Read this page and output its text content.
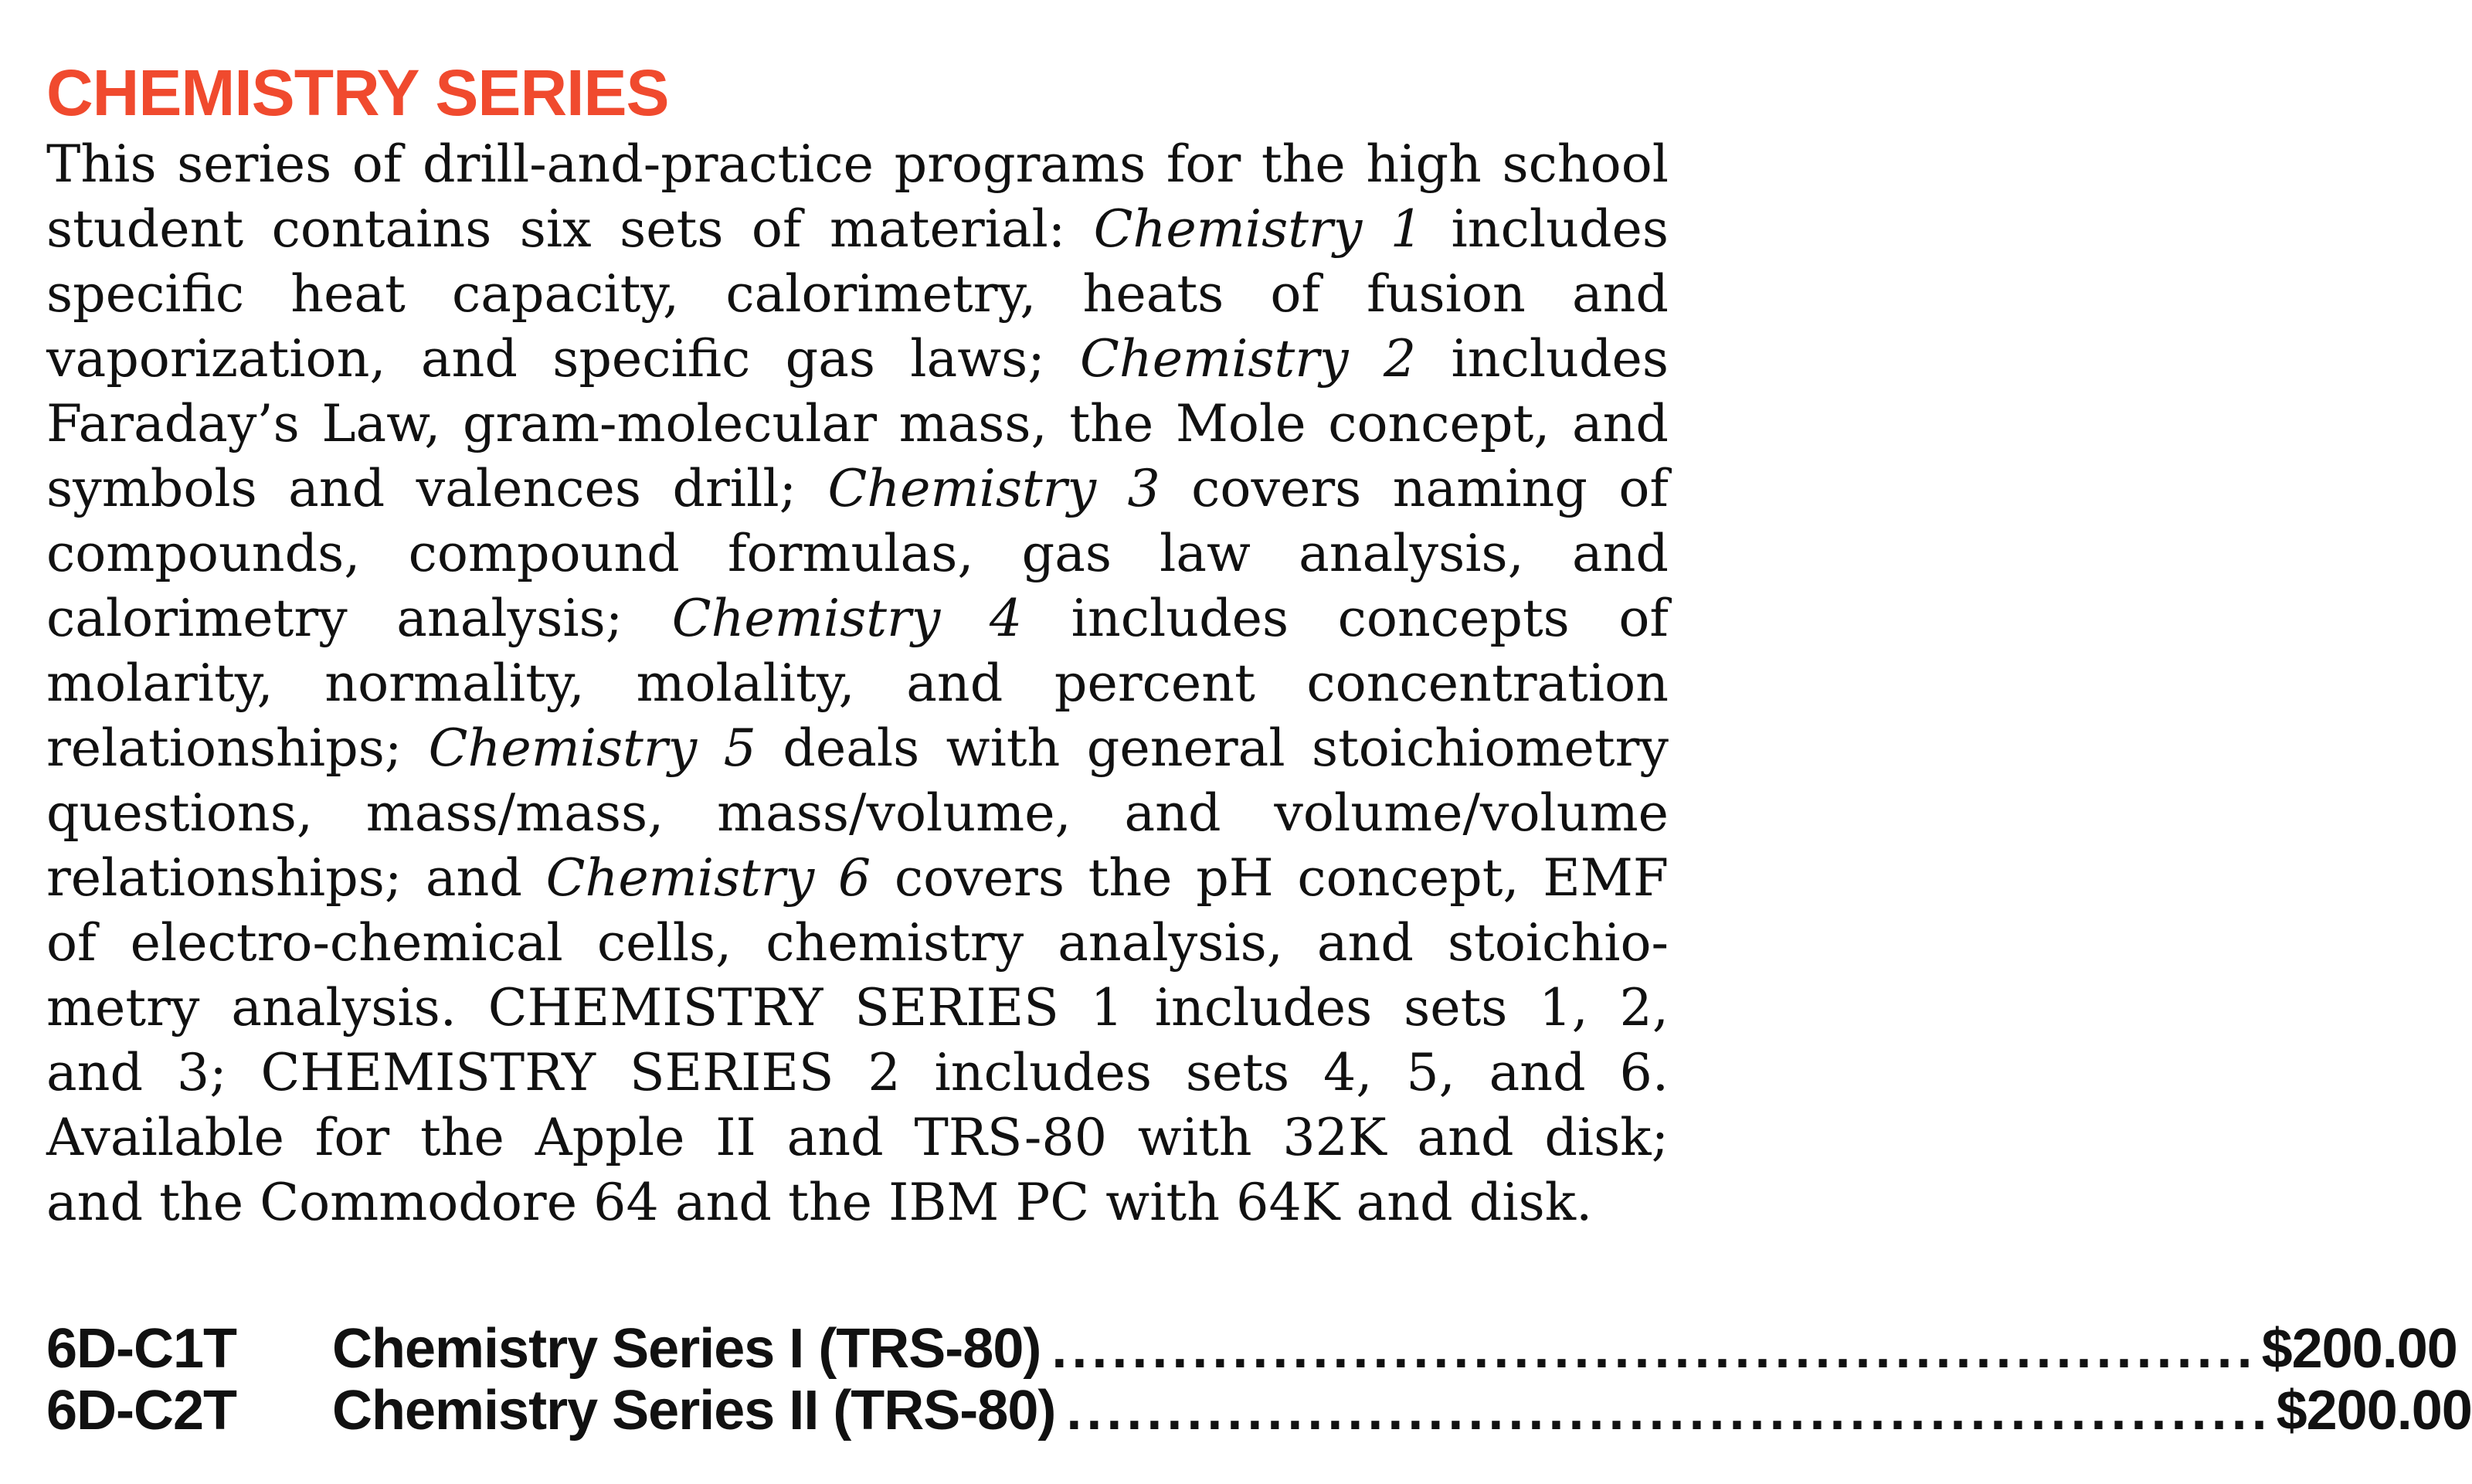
CHEMISTRY SERIES
This series of drill-and-practice programs for the high school
student contains six sets of material: Chemistry 1 includes
specific heat capacity, calorimetry, heats of fusion and
vaporization, and specific gas laws; Chemistry 2 includes
Faraday’s Law, gram-molecular mass, the Mole concept, and
symbols and valences drill; Chemistry 3 covers naming of
compounds, compound formulas, gas law analysis, and
calorimetry analysis; Chemistry 4 includes concepts of
molarity, normality, molality, and percent concentration
relationships; Chemistry 5 deals with general stoichiometry
questions, mass/mass, mass/volume, and volume/volume
relationships; and Chemistry 6 covers the pH concept, EMF
of electro-chemical cells, chemistry analysis, and stoichio-
metry analysis. CHEMISTRY SERIES 1 includes sets 1, 2,
and 3; CHEMISTRY SERIES 2 includes sets 4, 5, and 6.
Available for the Apple II and TRS-80 with 32K and disk;
and the Commodore 64 and the IBM PC with 64K and disk.
6D-C1T	Chemistry Series I (TRS-80) ............................................................ $200.00
6D-C2T	Chemistry Series II (TRS-80) ............................................................ $200.00
